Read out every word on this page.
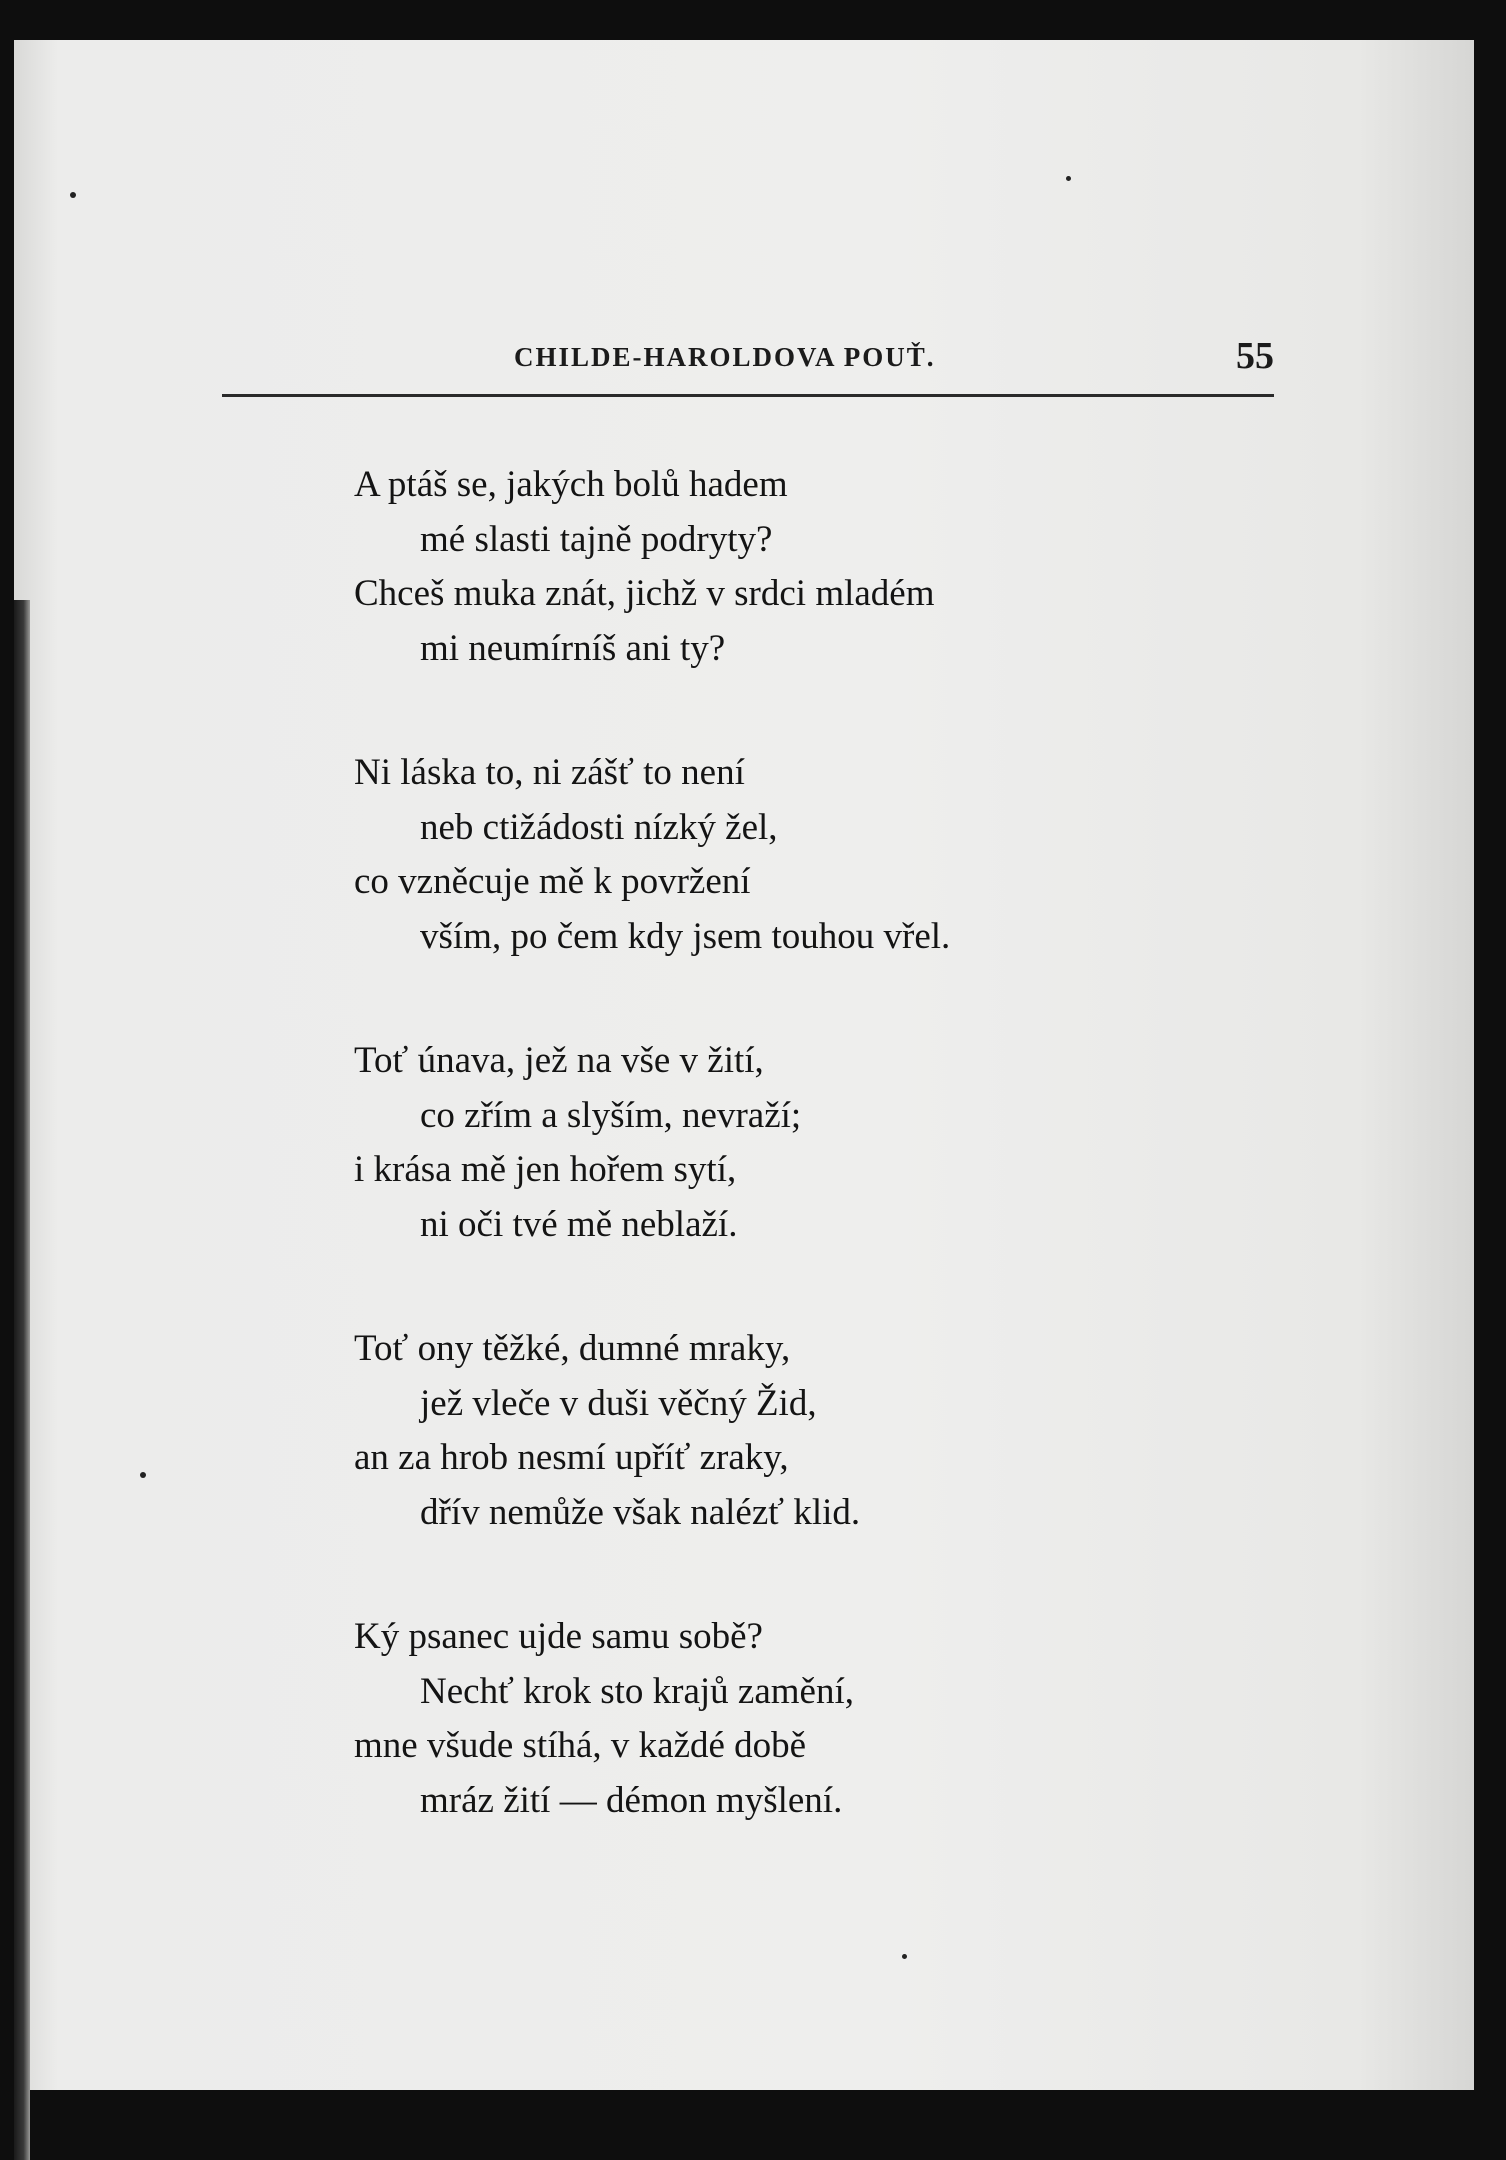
CHILDE-HAROLDOVA POUŤ.	55
A ptáš se, jakých bolů hadem
mé slasti tajně podryty?
Chceš muka znát, jichž v srdci mladém
mi neumírníš ani ty?
Ni láska to, ni zášť to není
neb ctižádosti nízký žel,
co vzněcuje mě k povržení
vším, po čem kdy jsem touhou vřel.
Toť únava, jež na vše v žití,
co zřím a slyším, nevraží;
i krása mě jen hořem sytí,
ni oči tvé mě neblaží.
Toť ony těžké, dumné mraky,
jež vleče v duši věčný Žid,
an za hrob nesmí upříť zraky,
dřív nemůže však nalézť klid.
Ký psanec ujde samu sobě?
Nechť krok sto krajů zamění,
mne všude stíhá, v každé době
mráz žití — démon myšlení.
